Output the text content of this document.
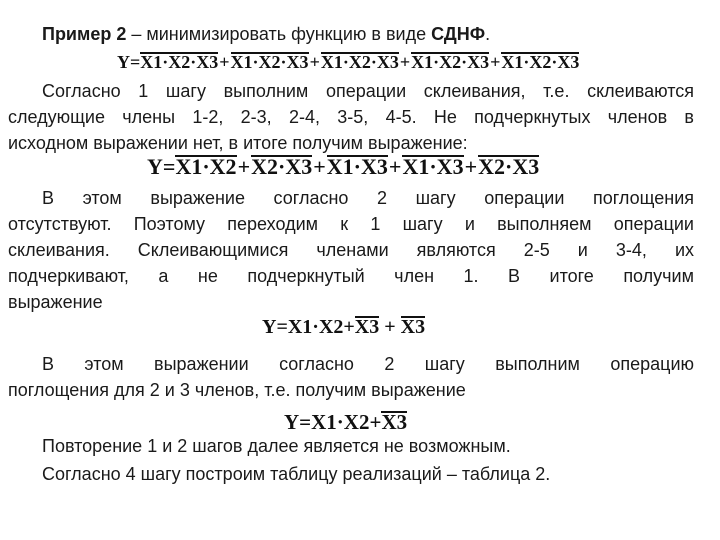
Пример 2 – минимизировать функцию в виде СДНФ.
Y=X1·X2·X3+X1·X2·X3+X1·X2·X3+X1·X2·X3+X1·X2·X3
Согласно 1 шагу выполним операции склеивания, т.е. склеиваются
следующие члены 1-2, 2-3, 2-4, 3-5, 4-5. Не подчеркнутых членов в
исходном выражении нет, в итоге получим выражение:
Y=X1·X2+X2·X3+X1·X3+X1·X3+X2·X3
В этом выражение согласно 2 шагу операции поглощения
отсутствуют. Поэтому переходим к 1 шагу и выполняем операции
склеивания. Склеивающимися членами являются 2-5 и 3-4, их
подчеркивают, а не подчеркнутый член 1. В итоге получим
выражение
Y=X1·X2+X3 + X3
В этом выражении согласно 2 шагу выполним операцию
поглощения для 2 и 3 членов, т.е. получим выражение
Y=X1·X2+X3
Повторение 1 и 2 шагов далее является не возможным.
Согласно 4 шагу построим таблицу реализаций – таблица 2.
